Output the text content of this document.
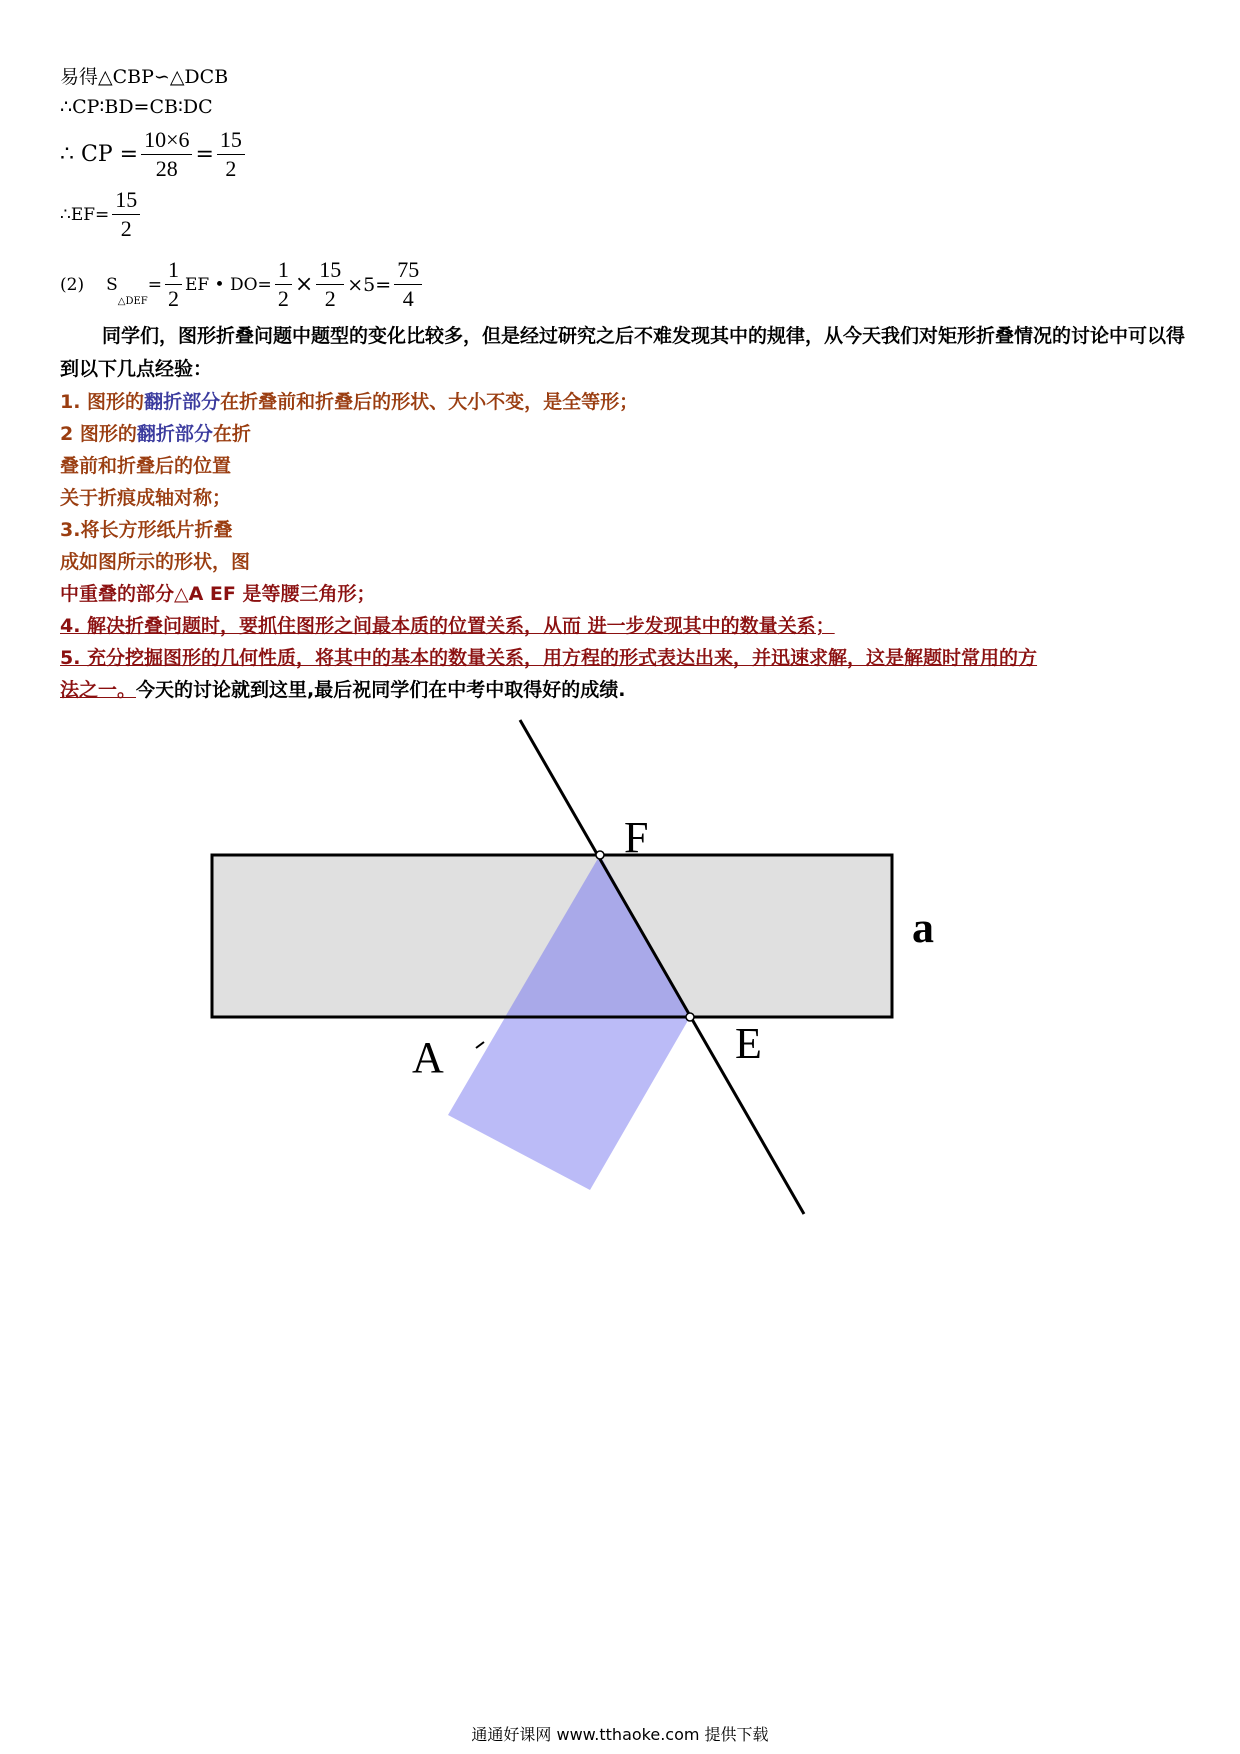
易得△CBP∽△DCB
∴CP∶BD=CB∶DC
∴ CP = $\frac{10\times 6}{28} = \frac{15}{2}$
∴EF= $\frac{15}{2}$
(2) S
△DEF
= $\frac{1}{2}$ EF • $DO= \frac{1}{2} \times \frac{15}{2} \times 5= \frac{75}{4}$
同学们，图形折叠问题中题型的变化比较多，但是经过研究之后不难发现其中的规律，从今天我们对矩形折叠情况的讨论中可以得到以下几点经验：
1. 图形的翻折部分在折叠前和折叠后的形状、大小不变，是全等形；
2 图形的翻折部分在折
叠前和折叠后的位置
关于折痕成轴对称；
3.将长方形纸片折叠
成如图所示的形状，图
中重叠的部分△A EF 是等腰三角形；
4. 解决折叠问题时，要抓住图形之间最本质的位置关系，从而 进一步发现其中的数量关系；
5. 充分挖掘图形的几何性质，将其中的基本的数量关系，用方程的形式表达出来，并迅速求解，这是解题时常用的方
法之一。今天的讨论就到这里,最后祝同学们在中考中取得好的成绩.
F
E
A
a
通通好课网 www.tthaoke.com 提供下载
